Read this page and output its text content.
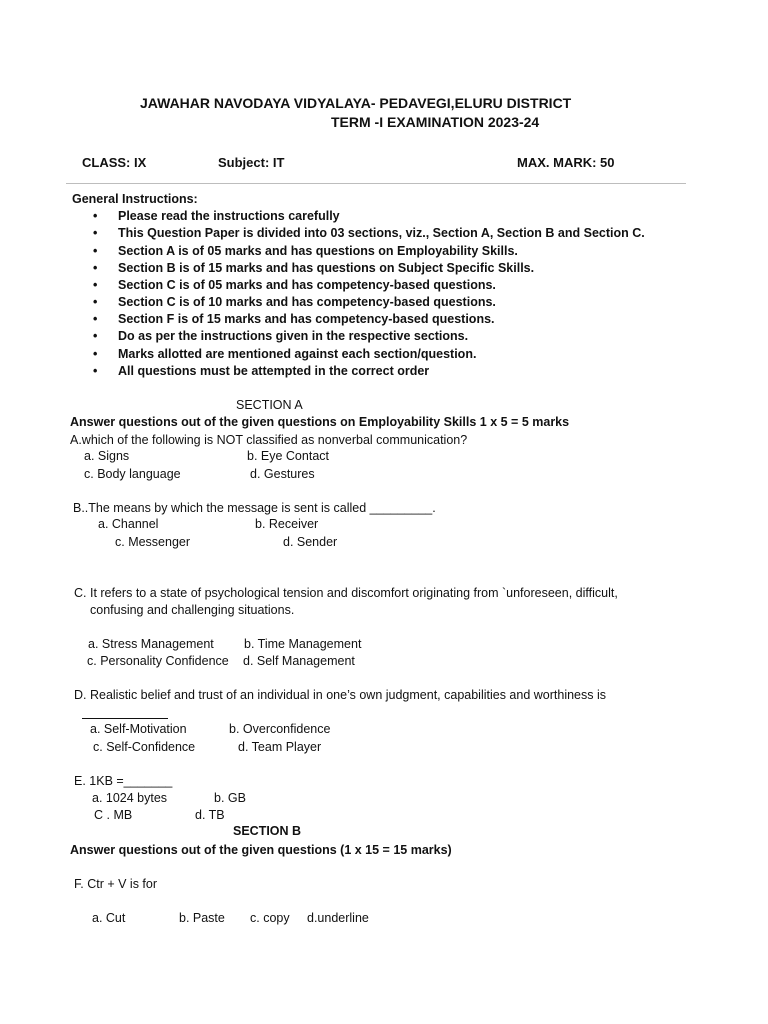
JAWAHAR NAVODAYA VIDYALAYA- PEDAVEGI,ELURU DISTRICT
TERM -I EXAMINATION 2023-24
CLASS: IX	Subject: IT	MAX. MARK: 50
General Instructions:
• Please read the instructions carefully
• This Question Paper is divided into 03 sections, viz., Section A, Section B and Section C.
• Section A is of 05 marks and has questions on Employability Skills.
• Section B is of 15 marks and has questions on Subject Specific Skills.
• Section C is of 05 marks and has competency-based questions.
• Section C is of 10 marks and has competency-based questions.
• Section F is of 15 marks and has competency-based questions.
• Do as per the instructions given in the respective sections.
• Marks allotted are mentioned against each section/question.
• All questions must be attempted in the correct order
SECTION A
Answer questions out of the given questions on Employability Skills 1 x 5 = 5 marks
A.which of the following is NOT classified as nonverbal communication?
a. Signs	b. Eye Contact
c. Body language	d. Gestures
B..The means by which the message is sent is called _________.
a. Channel	b. Receiver
c. Messenger	d. Sender
C. It refers to a state of psychological tension and discomfort originating from `unforeseen, difficult,
confusing and challenging situations.
a. Stress Management b. Time Management
c. Personality Confidence d. Self Management
D. Realistic belief and trust of an individual in one’s own judgment, capabilities and worthiness is
a. Self-Motivation	b. Overconfidence
c. Self-Confidence	d. Team Player
E. 1KB =_______
a. 1024 bytes	b. GB
C . MB	d. TB
SECTION B
Answer questions out of the given questions (1 x 15 = 15 marks)
F. Ctr + V is for
a. Cut	b. Paste c. copy d.underline
